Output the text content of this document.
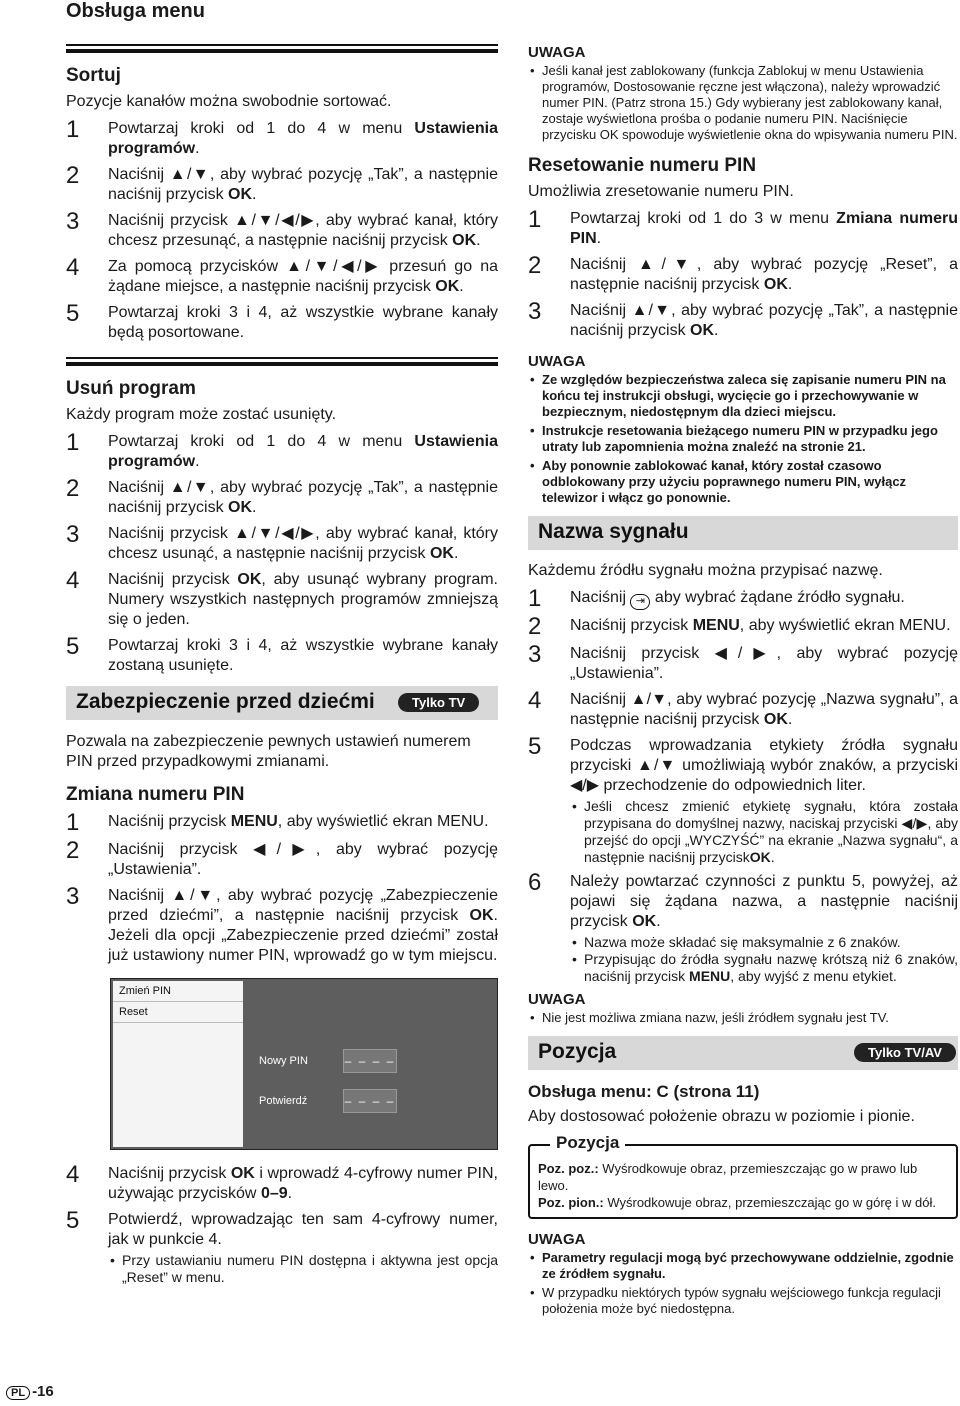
Obsługa menu
Sortuj

Pozycje kanałów można swobodnie sortować.

1	Powtarzaj kroki od 1 do 4 w menu Ustawienia programów.
2	Naciśnij ▲/▼, aby wybrać pozycję „Tak”, a następnie naciśnij przycisk OK.
3	Naciśnij przycisk ▲/▼/◀/▶, aby wybrać kanał, który chcesz przesunąć, a następnie naciśnij przycisk OK.
4	Za pomocą przycisków ▲/▼/◀/▶ przesuń go na żądane miejsce, a następnie naciśnij przycisk OK.
5	Powtarzaj kroki 3 i 4, aż wszystkie wybrane kanały będą posortowane.
Usuń program

Każdy program może zostać usunięty.

1	Powtarzaj kroki od 1 do 4 w menu Ustawienia programów.
2	Naciśnij ▲/▼, aby wybrać pozycję „Tak”, a następnie naciśnij przycisk OK.
3	Naciśnij przycisk ▲/▼/◀/▶, aby wybrać kanał, który chcesz usunąć, a następnie naciśnij przycisk OK.
4	Naciśnij przycisk OK, aby usunąć wybrany program. Numery wszystkich następnych programów zmniejszą się o jeden.
5	Powtarzaj kroki 3 i 4, aż wszystkie wybrane kanały zostaną usunięte.
Zabezpieczenie przed dziećmi	Tylko TV

Pozwala na zabezpieczenie pewnych ustawień numerem PIN przed przypadkowymi zmianami.

Zmiana numeru PIN
1	Naciśnij przycisk MENU, aby wyświetlić ekran MENU.
2	Naciśnij przycisk ◀/▶, aby wybrać pozycję „Ustawienia”.
3	Naciśnij ▲/▼, aby wybrać pozycję „Zabezpieczenie przed dziećmi”, a następnie naciśnij przycisk OK. Jeżeli dla opcji „Zabezpieczenie przed dziećmi” został już ustawiony numer PIN, wprowadź go w tym miejscu.
Zmień PIN
Reset
Nowy PIN	– – – –
Potwierdź	– – – –
4	Naciśnij przycisk OK i wprowadź 4-cyfrowy numer PIN, używając przycisków 0–9.
5	Potwierdź, wprowadzając ten sam 4-cyfrowy numer, jak w punkcie 4.
• Przy ustawianiu numeru PIN dostępna i aktywna jest opcja „Reset” w menu.
UWAGA
• Jeśli kanał jest zablokowany (funkcja Zablokuj w menu Ustawienia programów, Dostosowanie ręczne jest włączona), należy wprowadzić numer PIN. (Patrz strona 15.) Gdy wybierany jest zablokowany kanał, zostaje wyświetlona prośba o podanie numeru PIN. Naciśnięcie przycisku OK spowoduje wyświetlenie okna do wpisywania numeru PIN.
Resetowanie numeru PIN

Umożliwia zresetowanie numeru PIN.

1	Powtarzaj kroki od 1 do 3 w menu Zmiana numeru PIN.
2	Naciśnij ▲/▼, aby wybrać pozycję „Reset”, a następnie naciśnij przycisk OK.
3	Naciśnij ▲/▼, aby wybrać pozycję „Tak”, a następnie naciśnij przycisk OK.
UWAGA
• Ze względów bezpieczeństwa zaleca się zapisanie numeru PIN na końcu tej instrukcji obsługi, wycięcie go i przechowywanie w bezpiecznym, niedostępnym dla dzieci miejscu.
• Instrukcje resetowania bieżącego numeru PIN w przypadku jego utraty lub zapomnienia można znaleźć na stronie 21.
• Aby ponownie zablokować kanał, który został czasowo odblokowany przy użyciu poprawnego numeru PIN, wyłącz telewizor i włącz go ponownie.
Nazwa sygnału

Każdemu źródłu sygnału można przypisać nazwę.

1	Naciśnij ⇥ aby wybrać żądane źródło sygnału.
2	Naciśnij przycisk MENU, aby wyświetlić ekran MENU.
3	Naciśnij przycisk ◀/▶, aby wybrać pozycję „Ustawienia”.
4	Naciśnij ▲/▼, aby wybrać pozycję „Nazwa sygnału”, a następnie naciśnij przycisk OK.
5	Podczas wprowadzania etykiety źródła sygnału przyciski ▲/▼ umożliwiają wybór znaków, a przyciski ◀/▶ przechodzenie do odpowiednich liter.
• Jeśli chcesz zmienić etykietę sygnału, która została przypisana do domyślnej nazwy, naciskaj przyciski ◀/▶, aby przejść do opcji „WYCZYŚĆ” na ekranie „Nazwa sygnału“, a następnie naciśnij przyciskOK.
6	Należy powtarzać czynności z punktu 5, powyżej, aż pojawi się żądana nazwa, a następnie naciśnij przycisk OK.
• Nazwa może składać się maksymalnie z 6 znaków.
• Przypisując do źródła sygnału nazwę krótszą niż 6 znaków, naciśnij przycisk MENU, aby wyjść z menu etykiet.
UWAGA
• Nie jest możliwa zmiana nazw, jeśli źródłem sygnału jest TV.
Pozycja	Tylko TV/AV
Obsługa menu: C (strona 11)

Aby dostosować położenie obrazu w poziomie i pionie.

Pozycja
Poz. poz.: Wyśrodkowuje obraz, przemieszczając go w prawo lub lewo.
Poz. pion.: Wyśrodkowuje obraz, przemieszczając go w górę i w dół.
UWAGA
• Parametry regulacji mogą być przechowywane oddzielnie, zgodnie ze źródłem sygnału.
• W przypadku niektórych typów sygnału wejściowego funkcja regulacji położenia może być niedostępna.
PL -16
